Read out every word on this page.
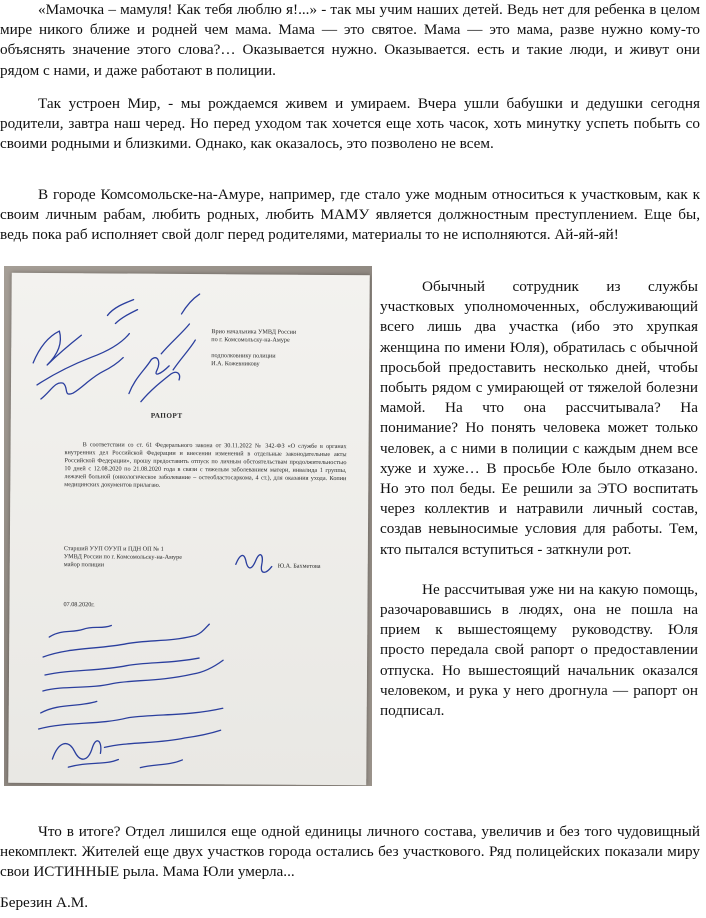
«Мамочка – мамуля! Как тебя люблю я!...» - так мы учим наших детей. Ведь нет для ребенка в целом мире никого ближе и родней чем мама. Мама — это святое. Мама — это мама, разве нужно кому-то объяснять значение этого слова?… Оказывается нужно. Оказывается. есть и такие люди, и живут они рядом с нами, и даже работают в полиции.

Так устроен Мир, - мы рождаемся живем и умираем. Вчера ушли бабушки и дедушки сегодня родители, завтра наш черед. Но перед уходом так хочется еще хоть часок, хоть минутку успеть побыть со своими родными и близкими. Однако, как оказалось, это позволено не всем.

В городе Комсомольске-на-Амуре, например, где стало уже модным относиться к участковым, как к своим личным рабам, любить родных, любить МАМУ является должностным преступлением. Еще бы, ведь пока раб исполняет свой долг перед родителями, материалы то не исполняются. Ай-яй-яй!

Врио начальника УМВД России
по г. Комсомольску-на-Амуре
подполковнику полиции
И.А. Кожевникову
РАПОРТ

В соответствии со ст. 61 Федерального закона от 30.11.2022 № 342-ФЗ «О службе в органах внутренних дел Российской Федерации и внесении изменений в отдельные законодательные акты Российской Федерации», прошу предоставить отпуск по личным обстоятельствам продолжительностью 10 дней с 12.08.2020 по 21.08.2020 года в связи с тяжелым заболеванием матери, инвалида 1 группы, лежачей больной (онкологическое заболевание – остеобластосаркома, 4 ст.), для оказания ухода. Копии медицинских документов прилагаю.

Старший УУП ОУУП и ПДН ОП № 1
УМВД России по г. Комсомольску-на-Амуре
майор полиции	Ю.А. Бахметова
07.08.2020г.

Обычный сотрудник из службы участковых уполномоченных, обслуживающий всего лишь два участка (ибо это хрупкая женщина по имени Юля), обратилась с обычной просьбой предоставить несколько дней, чтобы побыть рядом с умирающей от тяжелой болезни мамой. На что она рассчитывала? На понимание? Но понять человека может только человек, а с ними в полиции с каждым днем все хуже и хуже… В просьбе Юле было отказано. Но это пол беды. Ее решили за ЭТО воспитать через коллектив и натравили личный состав, создав невыносимые условия для работы. Тем, кто пытался вступиться - заткнули рот.

Не рассчитывая уже ни на какую помощь, разочаровавшись в людях, она не пошла на прием к вышестоящему руководству. Юля просто передала свой рапорт о предоставлении отпуска. Но вышестоящий начальник оказался человеком, и рука у него дрогнула — рапорт он подписал.

Что в итоге? Отдел лишился еще одной единицы личного состава, увеличив и без того чудовищный некомплект. Жителей еще двух участков города остались без участкового. Ряд полицейских показали миру свои ИСТИННЫЕ рыла. Мама Юли умерла...

Березин А.М.
